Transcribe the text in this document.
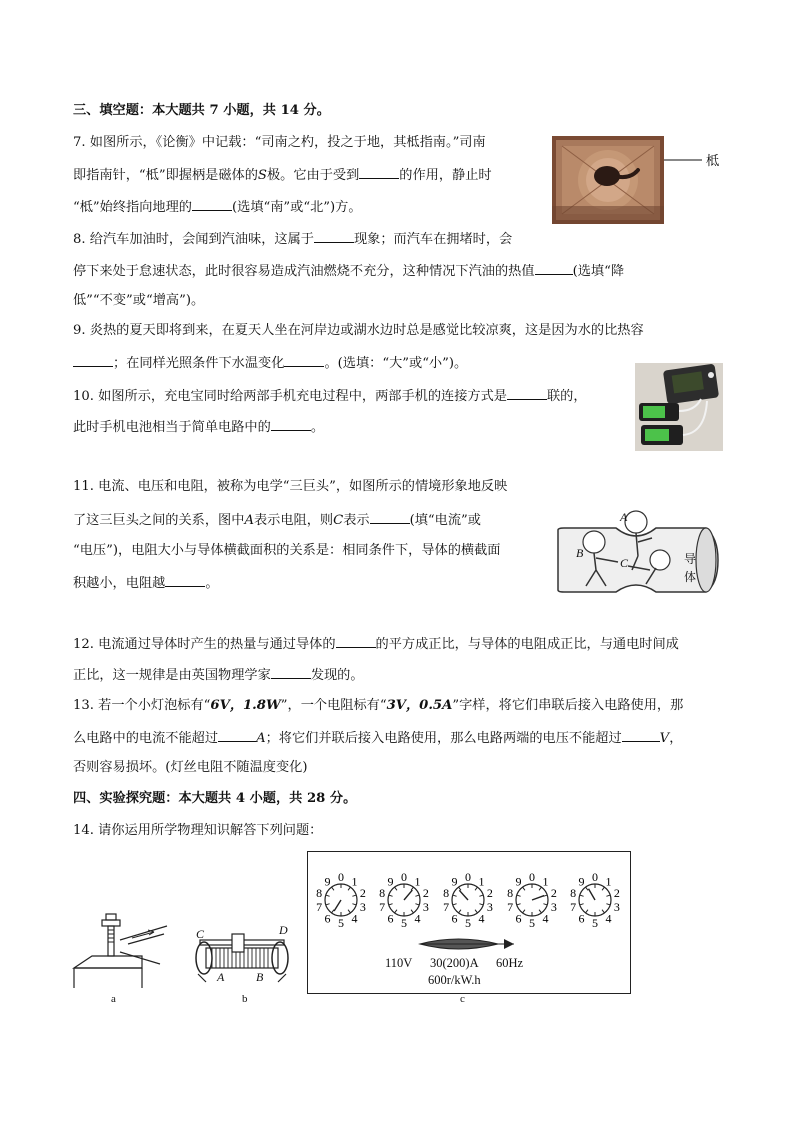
三、填空题：本大题共 7 小题，共 14 分。
7. 如图所示，《论衡》中记载：“司南之杓，投之于地，其柢指南。”司南
即指南针，“柢”即握柄是磁体的S极。它由于受到	的作用，静止时
“柢”始终指向地理的	(选填“南”或“北”)方。
柢
8. 给汽车加油时，会闻到汽油味，这属于	现象；而汽车在拥堵时，会
停下来处于怠速状态，此时很容易造成汽油燃烧不充分，这种情况下汽油的热值	(选填“降
低”“不变”或“增高”)。
9. 炎热的夏天即将到来，在夏天人坐在河岸边或湖水边时总是感觉比较凉爽，这是因为水的比热容
；在同样光照条件下水温变化	。(选填：“大”或“小”)。
10. 如图所示，充电宝同时给两部手机充电过程中，两部手机的连接方式是	联的，
此时手机电池相当于简单电路中的	。
11. 电流、电压和电阻，被称为电学“三巨头”，如图所示的情境形象地反映
了这三巨头之间的关系，图中A表示电阻，则C表示	(填“电流”或
“电压”)，电阻大小与导体横截面积的关系是：相同条件下，导体的横截面
积越小，电阻越	。
A
B
C	导
体
12. 电流通过导体时产生的热量与通过导体的	的平方成正比，与导体的电阻成正比，与通电时间成
正比，这一规律是由英国物理学家	发现的。
13. 若一个小灯泡标有“6V，1.8W”，一个电阻标有“3V，0.5A”字样，将它们串联后接入电路使用，那
么电路中的电流不能超过	A；将它们并联后接入电路使用，那么电路两端的电压不能超过	V，
否则容易损坏。(灯丝电阻不随温度变化)
四、实验探究题：本大题共 4 小题，共 28 分。
14. 请你运用所学物理知识解答下列问题：
a
C	D
A	B
b
0 1
2
3
4
5
6
7
8
9	0 1
2
3
4
5
6
7
8
9	0 1
2
3
4
5
6
7
8
9	0 1
2
3
4
5
6
7
8
9	0 1
2
3
4
5
6
7
8
9
110V 30(200)A 60Hz
600r/kW.h
c
